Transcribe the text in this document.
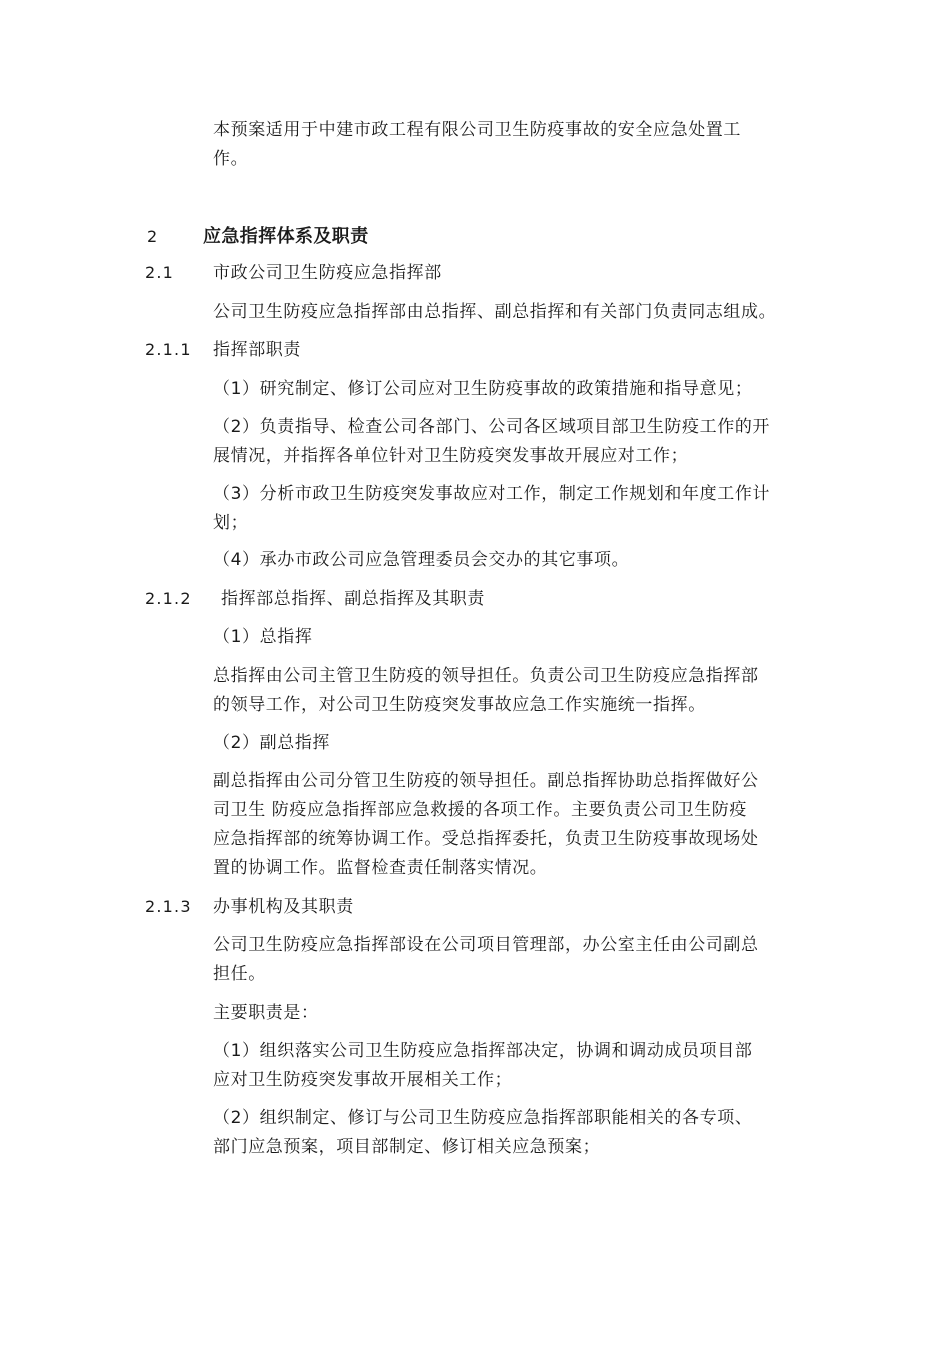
本预案适用于中建市政工程有限公司卫生防疫事故的安全应急处置工
作。
2 应急指挥体系及职责
2.1 市政公司卫生防疫应急指挥部
公司卫生防疫应急指挥部由总指挥、副总指挥和有关部门负责同志组成。
2.1.1 指挥部职责
（1）研究制定、修订公司应对卫生防疫事故的政策措施和指导意见；
（2）负责指导、检查公司各部门、公司各区域项目部卫生防疫工作的开
展情况，并指挥各单位针对卫生防疫突发事故开展应对工作；
（3）分析市政卫生防疫突发事故应对工作，制定工作规划和年度工作计
划；
（4）承办市政公司应急管理委员会交办的其它事项。
2.1.2 指挥部总指挥、副总指挥及其职责
（1）总指挥
总指挥由公司主管卫生防疫的领导担任。负责公司卫生防疫应急指挥部
的领导工作，对公司卫生防疫突发事故应急工作实施统一指挥。
（2）副总指挥
副总指挥由公司分管卫生防疫的领导担任。副总指挥协助总指挥做好公
司卫生 防疫应急指挥部应急救援的各项工作。主要负责公司卫生防疫
应急指挥部的统筹协调工作。受总指挥委托，负责卫生防疫事故现场处
置的协调工作。监督检查责任制落实情况。
2.1.3 办事机构及其职责
公司卫生防疫应急指挥部设在公司项目管理部，办公室主任由公司副总
担任。
主要职责是：
（1）组织落实公司卫生防疫应急指挥部决定，协调和调动成员项目部
应对卫生防疫突发事故开展相关工作；
（2）组织制定、修订与公司卫生防疫应急指挥部职能相关的各专项、
部门应急预案，项目部制定、修订相关应急预案；
